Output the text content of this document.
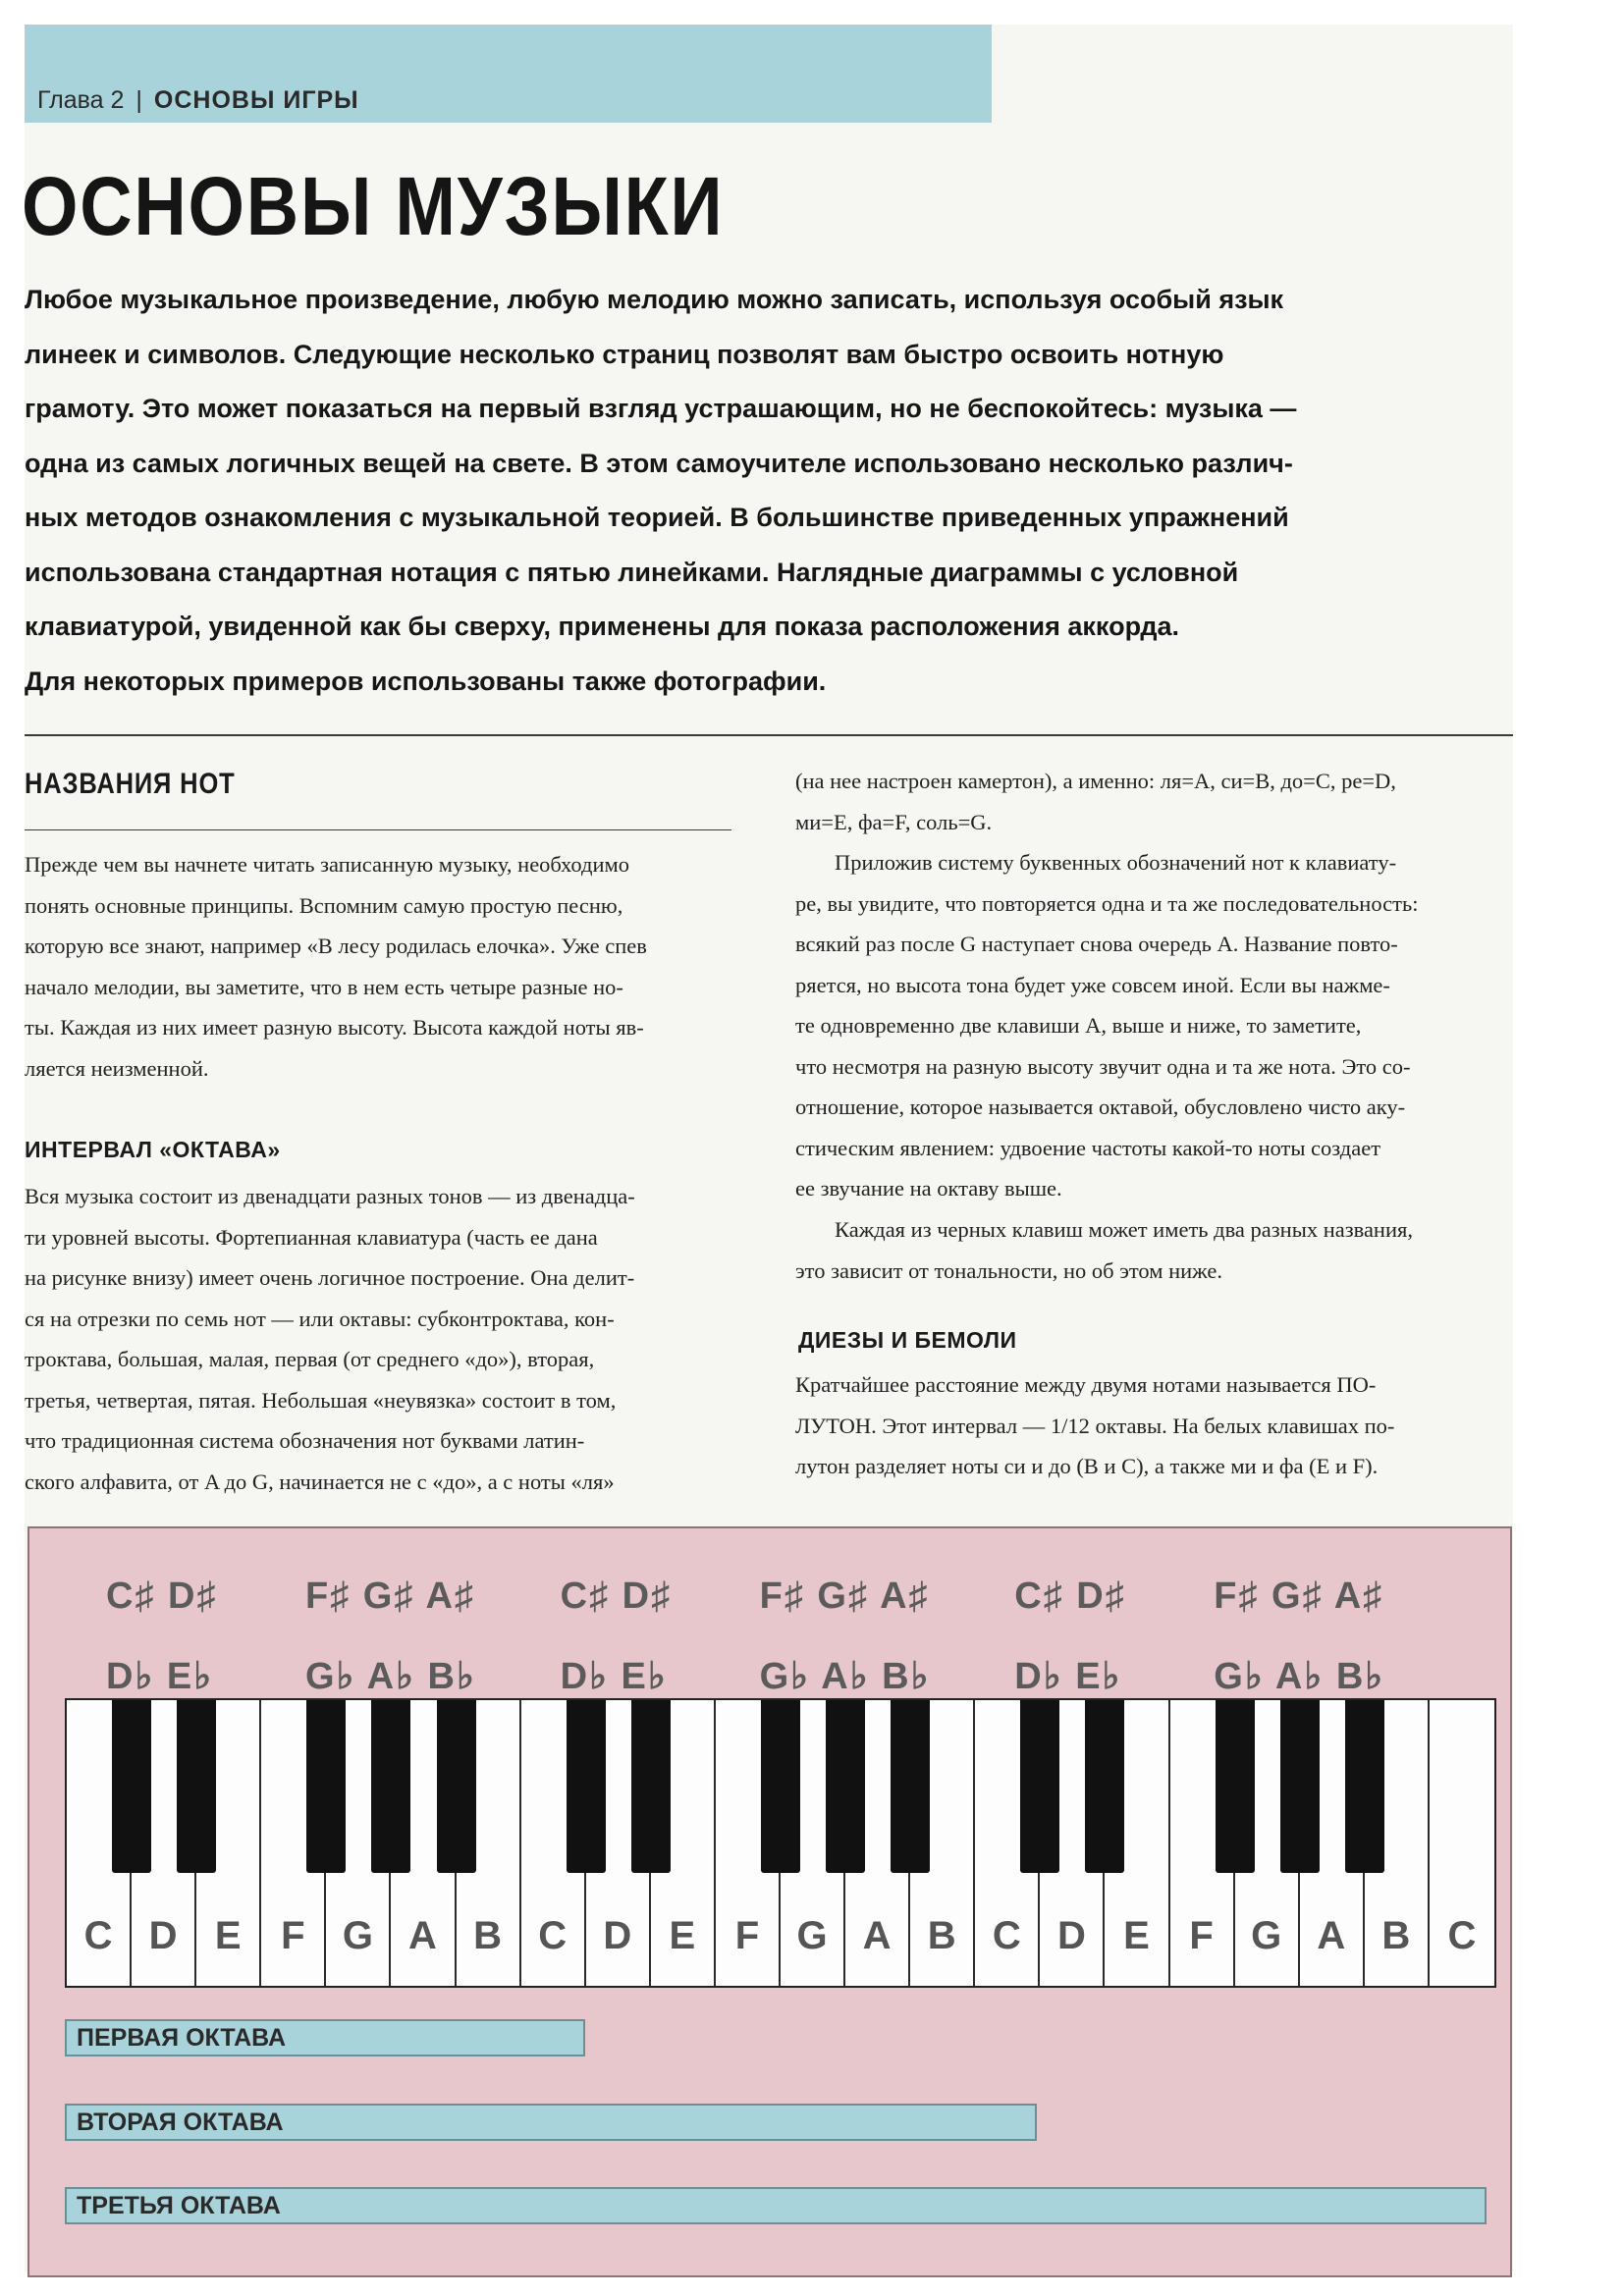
Глава 2 | ОСНОВЫ ИГРЫ
ОСНОВЫ МУЗЫКИ
Любое музыкальное произведение, любую мелодию можно записать, используя особый язык
линеек и символов. Следующие несколько страниц позволят вам быстро освоить нотную
грамоту. Это может показаться на первый взгляд устрашающим, но не беспокойтесь: музыка —
одна из самых логичных вещей на свете. В этом самоучителе использовано несколько различ-
ных методов ознакомления с музыкальной теорией. В большинстве приведенных упражнений
использована стандартная нотация с пятью линейками. Наглядные диаграммы с условной
клавиатурой, увиденной как бы сверху, применены для показа расположения аккорда.
Для некоторых примеров использованы также фотографии.
НАЗВАНИЯ НОТ
Прежде чем вы начнете читать записанную музыку, необходимо
понять основные принципы. Вспомним самую простую песню,
которую все знают, например «В лесу родилась елочка». Уже спев
начало мелодии, вы заметите, что в нем есть четыре разные но-
ты. Каждая из них имеет разную высоту. Высота каждой ноты яв-
ляется неизменной.
ИНТЕРВАЛ «ОКТАВА»
Вся музыка состоит из двенадцати разных тонов — из двенадца-
ти уровней высоты. Фортепианная клавиатура (часть ее дана
на рисунке внизу) имеет очень логичное построение. Она делит-
ся на отрезки по семь нот — или октавы: субконтроктава, кон-
троктава, большая, малая, первая (от среднего «до»), вторая,
третья, четвертая, пятая. Небольшая «неувязка» состоит в том,
что традиционная система обозначения нот буквами латин-
ского алфавита, от A до G, начинается не с «до», а с ноты «ля»
(на нее настроен камертон), а именно: ля=A, си=B, до=C, ре=D,
ми=E, фа=F, соль=G.
Приложив систему буквенных обозначений нот к клавиату-
ре, вы увидите, что повторяется одна и та же последовательность:
всякий раз после G наступает снова очередь A. Название повто-
ряется, но высота тона будет уже совсем иной. Если вы нажме-
те одновременно две клавиши A, выше и ниже, то заметите,
что несмотря на разную высоту звучит одна и та же нота. Это со-
отношение, которое называется октавой, обусловлено чисто аку-
стическим явлением: удвоение частоты какой-то ноты создает
ее звучание на октаву выше.
Каждая из черных клавиш может иметь два разных названия,
это зависит от тональности, но об этом ниже.
ДИЕЗЫ И БЕМОЛИ
Кратчайшее расстояние между двумя нотами называется ПО-
ЛУТОН. Этот интервал — 1/12 октавы. На белых клавишах по-
лутон разделяет ноты си и до (B и C), а также ми и фа (E и F).
C♯ D♯ F♯ G♯ A♯
D♭ E♭ G♭ A♭ B♭
C♯ D♯ F♯ G♯ A♯
D♭ E♭ G♭ A♭ B♭
C♯ D♯ F♯ G♯ A♯
D♭ E♭ G♭ A♭ B♭
C D E	F G A B C D E	F G A B C D E	F G A B C
ПЕРВАЯ ОКТАВА
ВТОРАЯ ОКТАВА
ТРЕТЬЯ ОКТАВА
